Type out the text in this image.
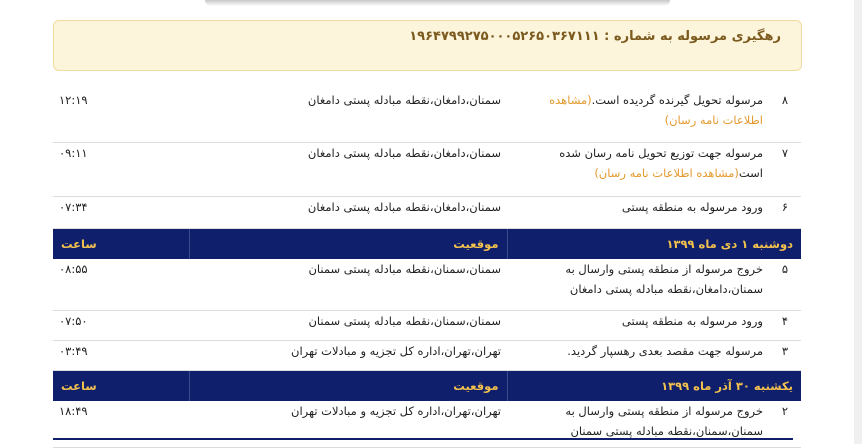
رهگیری مرسوله به شماره : ۱۹۶۴۷۹۹۲۷۵۰۰۰۵۲۶۵۰۳۶۷۱۱۱
۸	مرسوله تحویل گیرنده گردیده است.(مشاهده اطلاعات نامه رسان)	سمنان،دامغان،نقطه مبادله پستی دامغان	۱۲:۱۹
۷	مرسوله جهت توزیع تحویل نامه رسان شده است(مشاهده اطلاعات نامه رسان)	سمنان،دامغان،نقطه مبادله پستی دامغان	۰۹:۱۱
۶	ورود مرسوله به منطقه پستی	سمنان،دامغان،نقطه مبادله پستی دامغان	۰۷:۳۴
دوشنبه ۱ دی ماه ۱۳۹۹		موقعیت	ساعت
۵	خروج مرسوله از منطقه پستی وارسال به سمنان،دامغان،نقطه مبادله پستی دامغان	سمنان،سمنان،نقطه مبادله پستی سمنان	۰۸:۵۵
۴	ورود مرسوله به منطقه پستی	سمنان،سمنان،نقطه مبادله پستی سمنان	۰۷:۵۰
۳	مرسوله جهت مقصد بعدی رهسپار گردید.	تهران،تهران،اداره کل تجزیه و مبادلات تهران	۰۳:۴۹
یکشنبه ۳۰ آذر ماه ۱۳۹۹		موقعیت	ساعت
۲	خروج مرسوله از منطقه پستی وارسال به سمنان،سمنان،نقطه مبادله پستی سمنان	تهران،تهران،اداره کل تجزیه و مبادلات تهران	۱۸:۴۹
